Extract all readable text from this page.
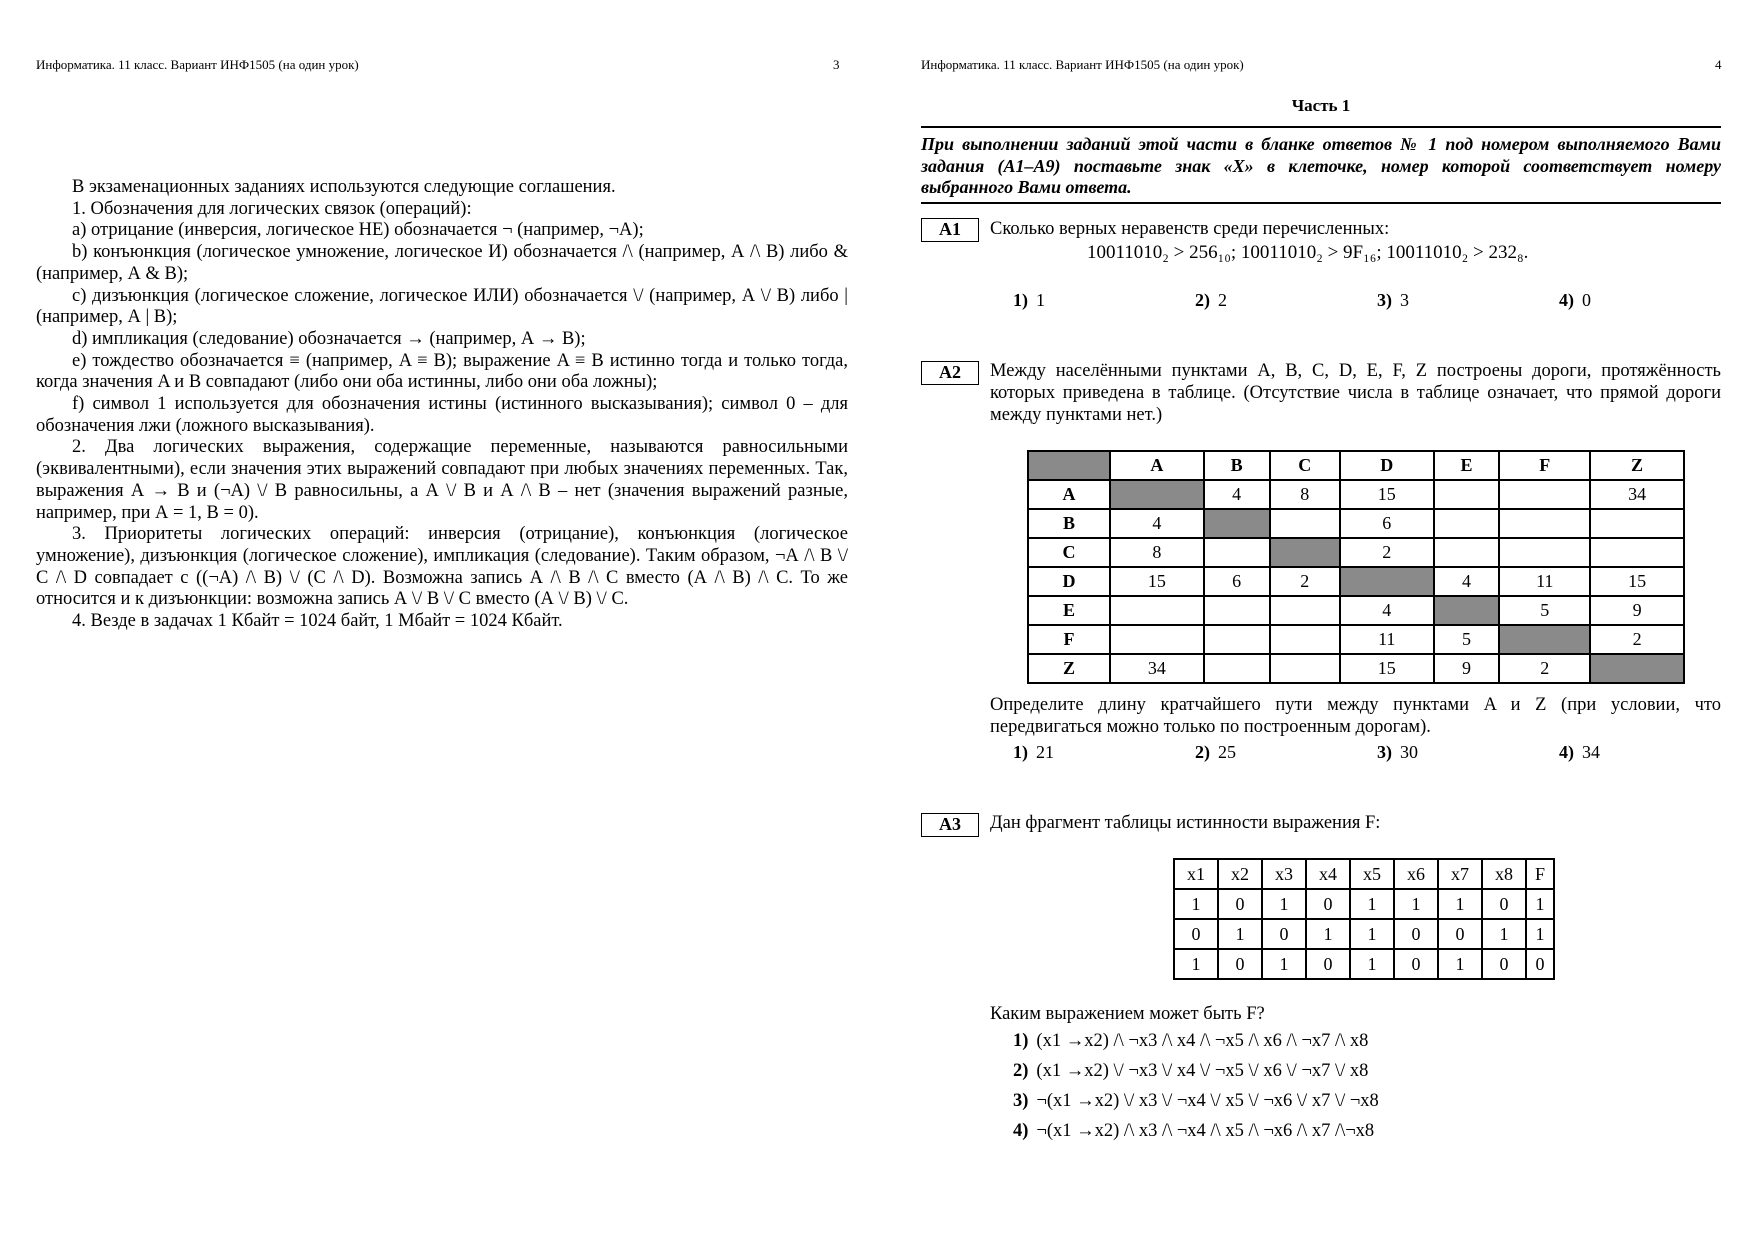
Информатика. 11 класс. Вариант ИНФ1505 (на один урок)	3

В экзаменационных заданиях используются следующие соглашения.

1. Обозначения для логических связок (операций):

a) отрицание (инверсия, логическое НЕ) обозначается ¬ (например, ¬А);

b) конъюнкция (логическое умножение, логическое И) обозначается /\ (например, А /\ В) либо & (например, А & В);

c) дизъюнкция (логическое сложение, логическое ИЛИ) обозначается \/ (например, А \/ В) либо | (например, А | В);

d) импликация (следование) обозначается → (например, А → В);

e) тождество обозначается ≡ (например, A ≡ B); выражение A ≡ B истинно тогда и только тогда, когда значения A и B совпадают (либо они оба истинны, либо они оба ложны);

f) символ 1 используется для обозначения истины (истинного высказывания); символ 0 – для обозначения лжи (ложного высказывания).

2. Два логических выражения, содержащие переменные, называются равносильными (эквивалентными), если значения этих выражений совпадают при любых значениях переменных. Так, выражения А → В и (¬А) \/ В равносильны, а А \/ В и А /\ В – нет (значения выражений разные, например, при А = 1, В = 0).

3. Приоритеты логических операций: инверсия (отрицание), конъюнкция (логическое умножение), дизъюнкция (логическое сложение), импликация (следование). Таким образом, ¬А /\ В \/ С /\ D совпадает с ((¬А) /\ В) \/ (С /\ D). Возможна запись А /\ В /\ С вместо (А /\ В) /\ С. То же относится и к дизъюнкции: возможна запись А \/ В \/ С вместо (А \/ В) \/ С.

4. Везде в задачах 1 Кбайт = 1024 байт, 1 Мбайт = 1024 Кбайт.

Информатика. 11 класс. Вариант ИНФ1505 (на один урок)	4
Часть 1
При выполнении заданий этой части в бланке ответов № 1 под номером выполняемого Вами задания (А1–А9) поставьте знак «Х» в клеточке, номер которой соответствует номеру выбранного Вами ответа.
А1	Сколько верных неравенств среди перечисленных:
10011010₂ > 256₁₀; 10011010₂ > 9F₁₆; 10011010₂ > 232₈.
1) 1	2) 2	3) 3	4) 0
А2	Между населёнными пунктами A, B, C, D, E, F, Z построены дороги, протяжённость которых приведена в таблице. (Отсутствие числа в таблице означает, что прямой дороги между пунктами нет.)
	A	B	C	D	E	F	Z
A		4	8	15			34
B	4			6			
C	8			2			
D	15	6	2		4	11	15
E				4		5	9
F				11	5		2
Z	34			15	9	2	
Определите длину кратчайшего пути между пунктами A и Z (при условии, что передвигаться можно только по построенным дорогам).
1) 21	2) 25	3) 30	4) 34
А3	Дан фрагмент таблицы истинности выражения F:
x1	x2	x3	x4	x5	x6	x7	x8	F
1	0	1	0	1	1	1	0	1
0	1	0	1	1	0	0	1	1
1	0	1	0	1	0	1	0	0
Каким выражением может быть F?
1) (x1 →x2) /\ ¬x3 /\ x4 /\ ¬x5 /\ x6 /\ ¬x7 /\ x8
2) (x1 →x2) \/ ¬x3 \/ x4 \/ ¬x5 \/ x6 \/ ¬x7 \/ x8
3) ¬(x1 →x2) \/ x3 \/ ¬x4 \/ x5 \/ ¬x6 \/ x7 \/ ¬x8
4) ¬(x1 →x2) /\ x3 /\ ¬x4 /\ x5 /\ ¬x6 /\ x7 /\¬x8
